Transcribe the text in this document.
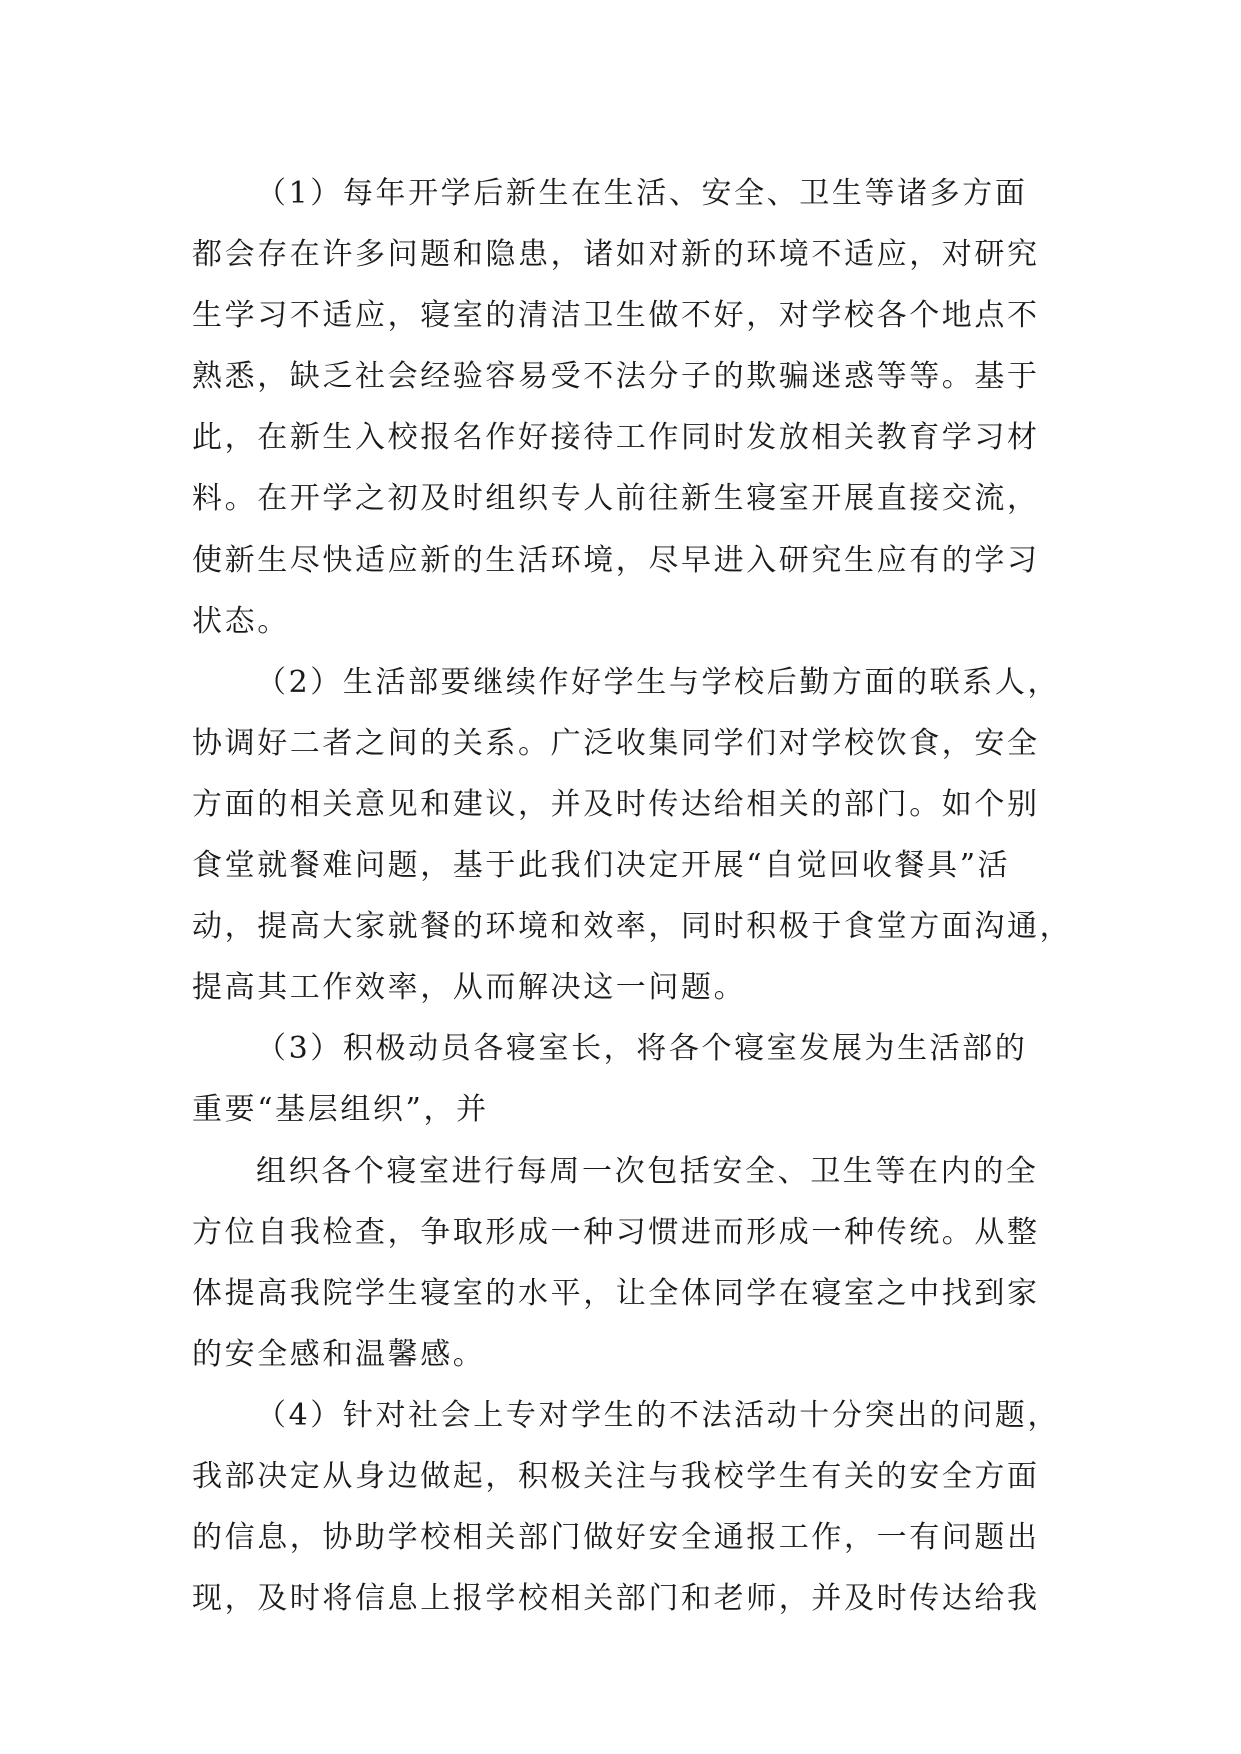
（1）每年开学后新生在生活、安全、卫生等诸多方面
都会存在许多问题和隐患，诸如对新的环境不适应，对研究
生学习不适应，寝室的清洁卫生做不好，对学校各个地点不
熟悉，缺乏社会经验容易受不法分子的欺骗迷惑等等。基于
此，在新生入校报名作好接待工作同时发放相关教育学习材
料。在开学之初及时组织专人前往新生寝室开展直接交流，
使新生尽快适应新的生活环境，尽早进入研究生应有的学习
状态。
（2）生活部要继续作好学生与学校后勤方面的联系人，
协调好二者之间的关系。广泛收集同学们对学校饮食，安全
方面的相关意见和建议，并及时传达给相关的部门。如个别
食堂就餐难问题，基于此我们决定开展“自觉回收餐具”活
动，提高大家就餐的环境和效率，同时积极于食堂方面沟通，
提高其工作效率，从而解决这一问题。
（3）积极动员各寝室长，将各个寝室发展为生活部的
重要“基层组织”，并
组织各个寝室进行每周一次包括安全、卫生等在内的全
方位自我检查，争取形成一种习惯进而形成一种传统。从整
体提高我院学生寝室的水平，让全体同学在寝室之中找到家
的安全感和温馨感。
（4）针对社会上专对学生的不法活动十分突出的问题，
我部决定从身边做起，积极关注与我校学生有关的安全方面
的信息，协助学校相关部门做好安全通报工作，一有问题出
现，及时将信息上报学校相关部门和老师，并及时传达给我
